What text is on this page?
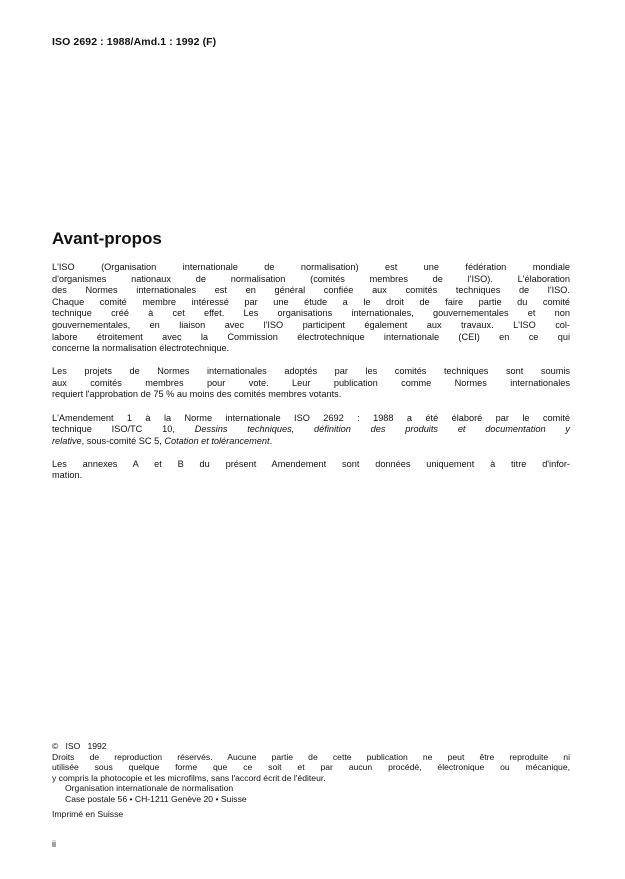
ISO 2692 : 1988/Amd.1 : 1992 (F)
Avant-propos

L'ISO (Organisation internationale de normalisation) est une fédération mondiale
d'organismes nationaux de normalisation (comités membres de l'ISO). L'élaboration
des Normes internationales est en général confiée aux comités techniques de l'ISO.
Chaque comité membre intéressé par une étude a le droit de faire partie du comité
technique créé à cet effet. Les organisations internationales, gouvernementales et non
gouvernementales, en liaison avec l'ISO participent également aux travaux. L'ISO col-
labore étroitement avec la Commission électrotechnique internationale (CEI) en ce qui
concerne la normalisation électrotechnique.

Les projets de Normes internationales adoptés par les comités techniques sont soumis
aux comités membres pour vote. Leur publication comme Normes internationales
requiert l'approbation de 75 % au moins des comités membres votants.

L'Amendement 1 à la Norme internationale ISO 2692 : 1988 a été élaboré par le comité
technique ISO/TC 10, Dessins techniques, définition des produits et documentation y
relative, sous-comité SC 5, Cotation et tolérancement.

Les annexes A et B du présent Amendement sont données uniquement à titre d'infor-
mation.

©   ISO   1992
Droits de reproduction réservés. Aucune partie de cette publication ne peut être reproduite ni
utilisée sous quelque forme que ce soit et par aucun procédé, électronique ou mécanique,
y compris la photocopie et les microfilms, sans l'accord écrit de l'éditeur.
Organisation internationale de normalisation
Case postale 56 • CH-1211 Genève 20 • Suisse
Imprimé en Suisse
ii
